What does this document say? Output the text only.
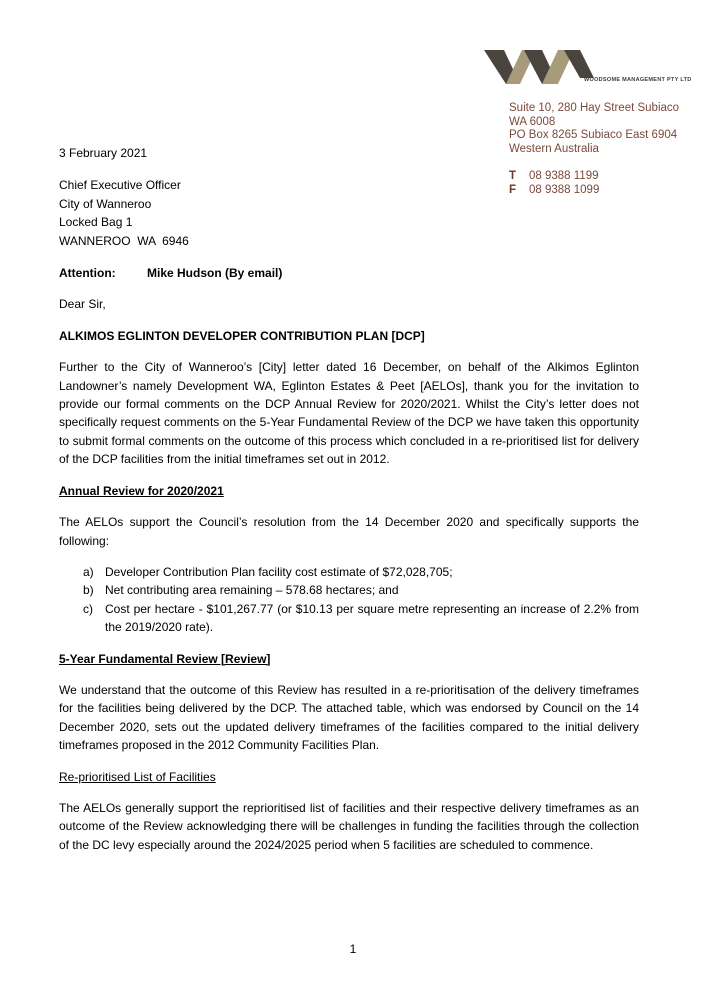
WOODSOME MANAGEMENT PTY LTD
Suite 10, 280 Hay Street Subiaco
WA 6008
PO Box 8265 Subiaco East 6904
Western Australia
T 08 9388 1199
F 08 9388 1099

3 February 2021

Chief Executive Officer
City of Wanneroo
Locked Bag 1
WANNEROO  WA  6946
Attention:	Mike Hudson (By email)

Dear Sir,

ALKIMOS EGLINTON DEVELOPER CONTRIBUTION PLAN [DCP]

Further to the City of Wanneroo’s [City] letter dated 16 December, on behalf of the Alkimos Eglinton Landowner’s namely Development WA, Eglinton Estates & Peet [AELOs], thank you for the invitation to provide our formal comments on the DCP Annual Review for 2020/2021. Whilst the City’s letter does not specifically request comments on the 5-Year Fundamental Review of the DCP we have taken this opportunity to submit formal comments on the outcome of this process which concluded in a re-prioritised list for delivery of the DCP facilities from the initial timeframes set out in 2012.

Annual Review for 2020/2021

The AELOs support the Council’s resolution from the 14 December 2020 and specifically supports the following:

a) Developer Contribution Plan facility cost estimate of $72,028,705;
b) Net contributing area remaining – 578.68 hectares; and
c)	Cost per hectare - $101,267.77 (or $10.13 per square metre representing an increase of 2.2% from the 2019/2020 rate).

5-Year Fundamental Review [Review]

We understand that the outcome of this Review has resulted in a re-prioritisation of the delivery timeframes for the facilities being delivered by the DCP. The attached table, which was endorsed by Council on the 14 December 2020, sets out the updated delivery timeframes of the facilities compared to the initial delivery timeframes proposed in the 2012 Community Facilities Plan.

Re-prioritised List of Facilities

The AELOs generally support the reprioritised list of facilities and their respective delivery timeframes as an outcome of the Review acknowledging there will be challenges in funding the facilities through the collection of the DC levy especially around the 2024/2025 period when 5 facilities are scheduled to commence.

1
